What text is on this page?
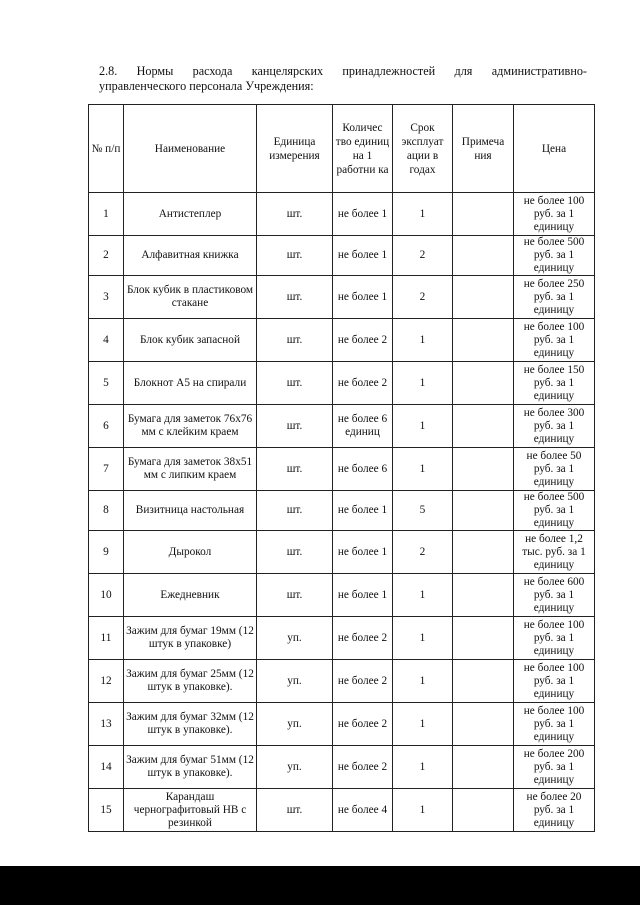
2.8. Нормы расхода канцелярских принадлежностей для административно-
управленческого персонала Учреждения:
№ п/п	Наименование	Единица измерения	Количес тво единиц на 1 работни ка	Срок эксплуат ации в годах	Примеча ния	Цена
1	Антистеплер	шт.	не более 1	1		не более 100 руб. за 1 единицу
2	Алфавитная книжка	шт.	не более 1	2		не более 500 руб. за 1 единицу
3	Блок кубик в пластиковом стакане	шт.	не более 1	2		не более 250 руб. за 1 единицу
4	Блок кубик запасной	шт.	не более 2	1		не более 100 руб. за 1 единицу
5	Блокнот А5 на спирали	шт.	не более 2	1		не более 150 руб. за 1 единицу
6	Бумага для заметок 76х76 мм с клейким краем	шт.	не более 6 единиц	1		не более 300 руб. за 1 единицу
7	Бумага для заметок 38х51 мм с липким краем	шт.	не более 6	1		не более 50 руб. за 1 единицу
8	Визитница настольная	шт.	не более 1	5		не более 500 руб. за 1 единицу
9	Дырокол	шт.	не более 1	2		не более 1,2 тыс. руб. за 1 единицу
10	Ежедневник	шт.	не более 1	1		не более 600 руб. за 1 единицу
11	Зажим для бумаг 19мм (12 штук в упаковке)	уп.	не более 2	1		не более 100 руб. за 1 единицу
12	Зажим для бумаг 25мм (12 штук в упаковке).	уп.	не более 2	1		не более 100 руб. за 1 единицу
13	Зажим для бумаг 32мм (12 штук в упаковке).	уп.	не более 2	1		не более 100 руб. за 1 единицу
14	Зажим для бумаг 51мм (12 штук в упаковке).	уп.	не более 2	1		не более 200 руб. за 1 единицу
15	Карандаш чернографитовый НВ с резинкой	шт.	не более 4	1		не более 20 руб. за 1 единицу
